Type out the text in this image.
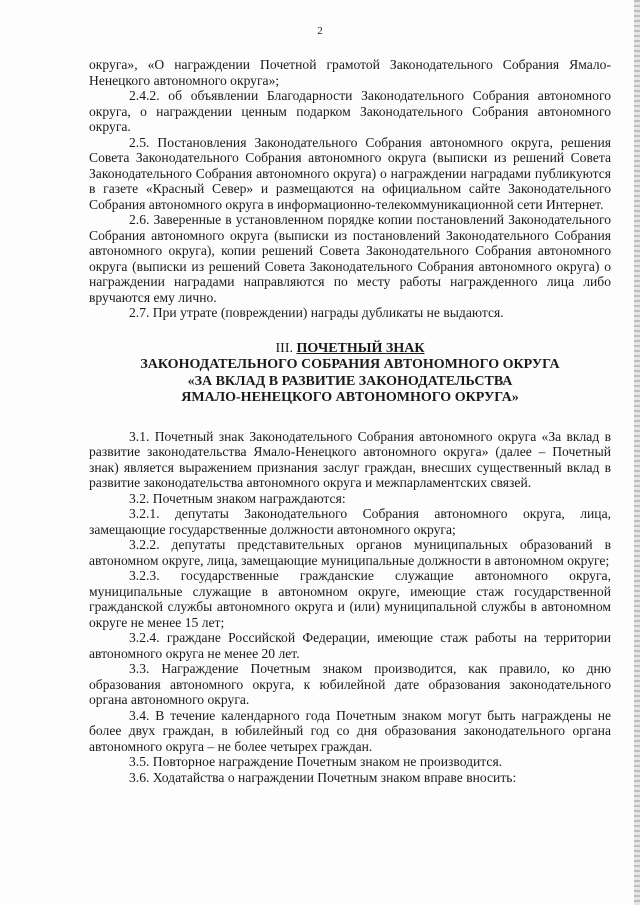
2

округа», «О награждении Почетной грамотой Законодательного Собрания Ямало-Ненецкого автономного округа»;

2.4.2. об объявлении Благодарности Законодательного Собрания автономного округа, о награждении ценным подарком Законодательного Собрания автономного округа.

2.5. Постановления Законодательного Собрания автономного округа, решения Совета Законодательного Собрания автономного округа (выписки из решений Совета Законодательного Собрания автономного округа) о награждении наградами публикуются в газете «Красный Север» и размещаются на официальном сайте Законодательного Собрания автономного округа в информационно-телекоммуникационной сети Интернет.

2.6. Заверенные в установленном порядке копии постановлений Законодательного Собрания автономного округа (выписки из постановлений Законодательного Собрания автономного округа), копии решений Совета Законодательного Собрания автономного округа (выписки из решений Совета Законодательного Собрания автономного округа) о награждении наградами направляются по месту работы награжденного лица либо вручаются ему лично.

2.7. При утрате (повреждении) награды дубликаты не выдаются.

III. ПОЧЕТНЫЙ ЗНАК
ЗАКОНОДАТЕЛЬНОГО СОБРАНИЯ АВТОНОМНОГО ОКРУГА
«ЗА ВКЛАД В РАЗВИТИЕ ЗАКОНОДАТЕЛЬСТВА
ЯМАЛО-НЕНЕЦКОГО АВТОНОМНОГО ОКРУГА»

3.1. Почетный знак Законодательного Собрания автономного округа «За вклад в развитие законодательства Ямало-Ненецкого автономного округа» (далее – Почетный знак) является выражением признания заслуг граждан, внесших существенный вклад в развитие законодательства автономного округа и межпарламентских связей.

3.2. Почетным знаком награждаются:

3.2.1. депутаты Законодательного Собрания автономного округа, лица, замещающие государственные должности автономного округа;

3.2.2. депутаты представительных органов муниципальных образований в автономном округе, лица, замещающие муниципальные должности в автономном округе;

3.2.3. государственные гражданские служащие автономного округа, муниципальные служащие в автономном округе, имеющие стаж государственной гражданской службы автономного округа и (или) муниципальной службы в автономном округе не менее 15 лет;

3.2.4. граждане Российской Федерации, имеющие стаж работы на территории автономного округа не менее 20 лет.

3.3. Награждение Почетным знаком производится, как правило, ко дню образования автономного округа, к юбилейной дате образования законодательного органа автономного округа.

3.4. В течение календарного года Почетным знаком могут быть награждены не более двух граждан, в юбилейный год со дня образования законодательного органа автономного округа – не более четырех граждан.

3.5. Повторное награждение Почетным знаком не производится.

3.6. Ходатайства о награждении Почетным знаком вправе вносить:
